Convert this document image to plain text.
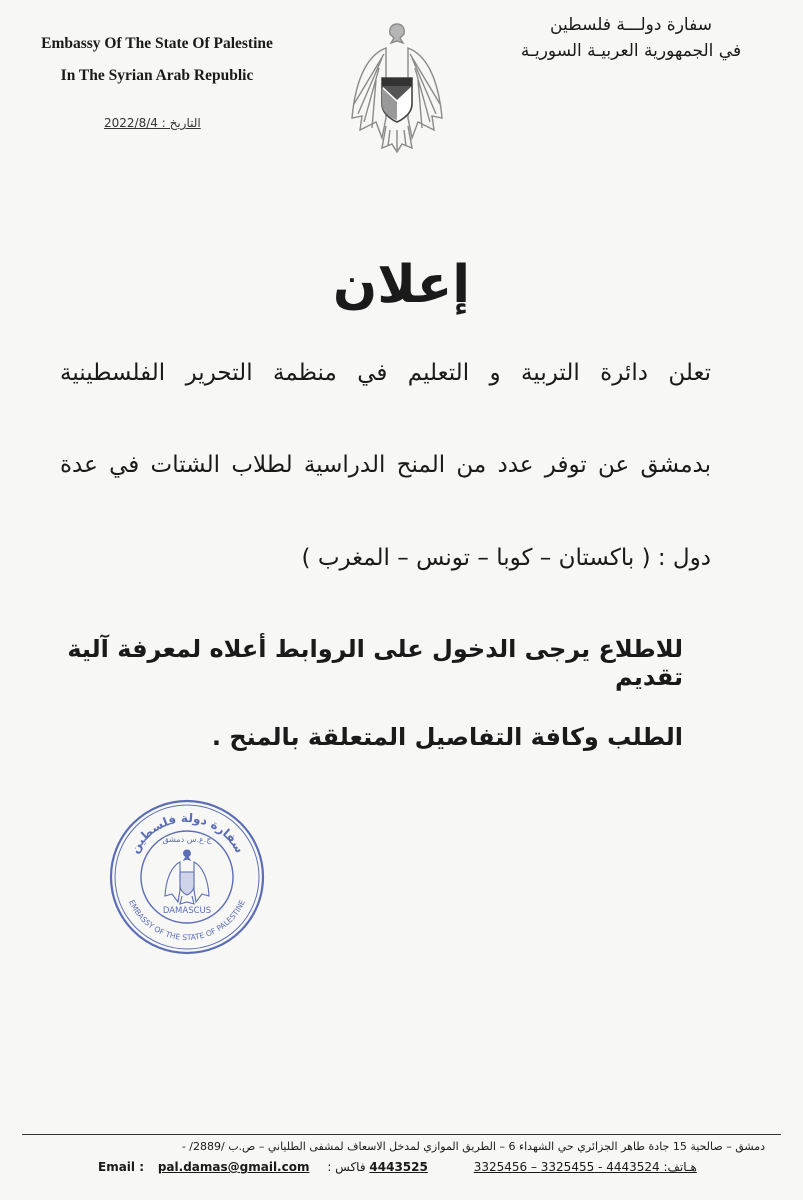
Embassy Of The State Of Palestine
In The Syrian Arab Republic
التاريخ : 2022/8/4
سفارة دولـــة فلسطين
في الجمهورية العربيـة السوريـة
إعلان
تعلن دائرة التربية و التعليم في منظمة التحرير الفلسطينية
بدمشق عن توفر عدد من المنح الدراسية لطلاب الشتات في عدة
دول : ( باكستان – كوبا – تونس – المغرب )
للاطلاع يرجى الدخول على الروابط أعلاه لمعرفة آلية تقديم
الطلب وكافة التفاصيل المتعلقة بالمنح .
سفارة دولة فلسطين
ج.ع.س دمشق
EMBASSY OF THE STATE OF PALESTINE
DAMASCUS
دمشق – صالحية 15 جادة طاهر الجزائري حي الشهداء 6 – الطريق الموازي لمدخل الاسعاف لمشفى الطلياني – ص.ب /2889/ -
Email : pal.damas@gmail.com	4443525 فاكس :	هـاتف: 4443524 - 3325455 – 3325456
